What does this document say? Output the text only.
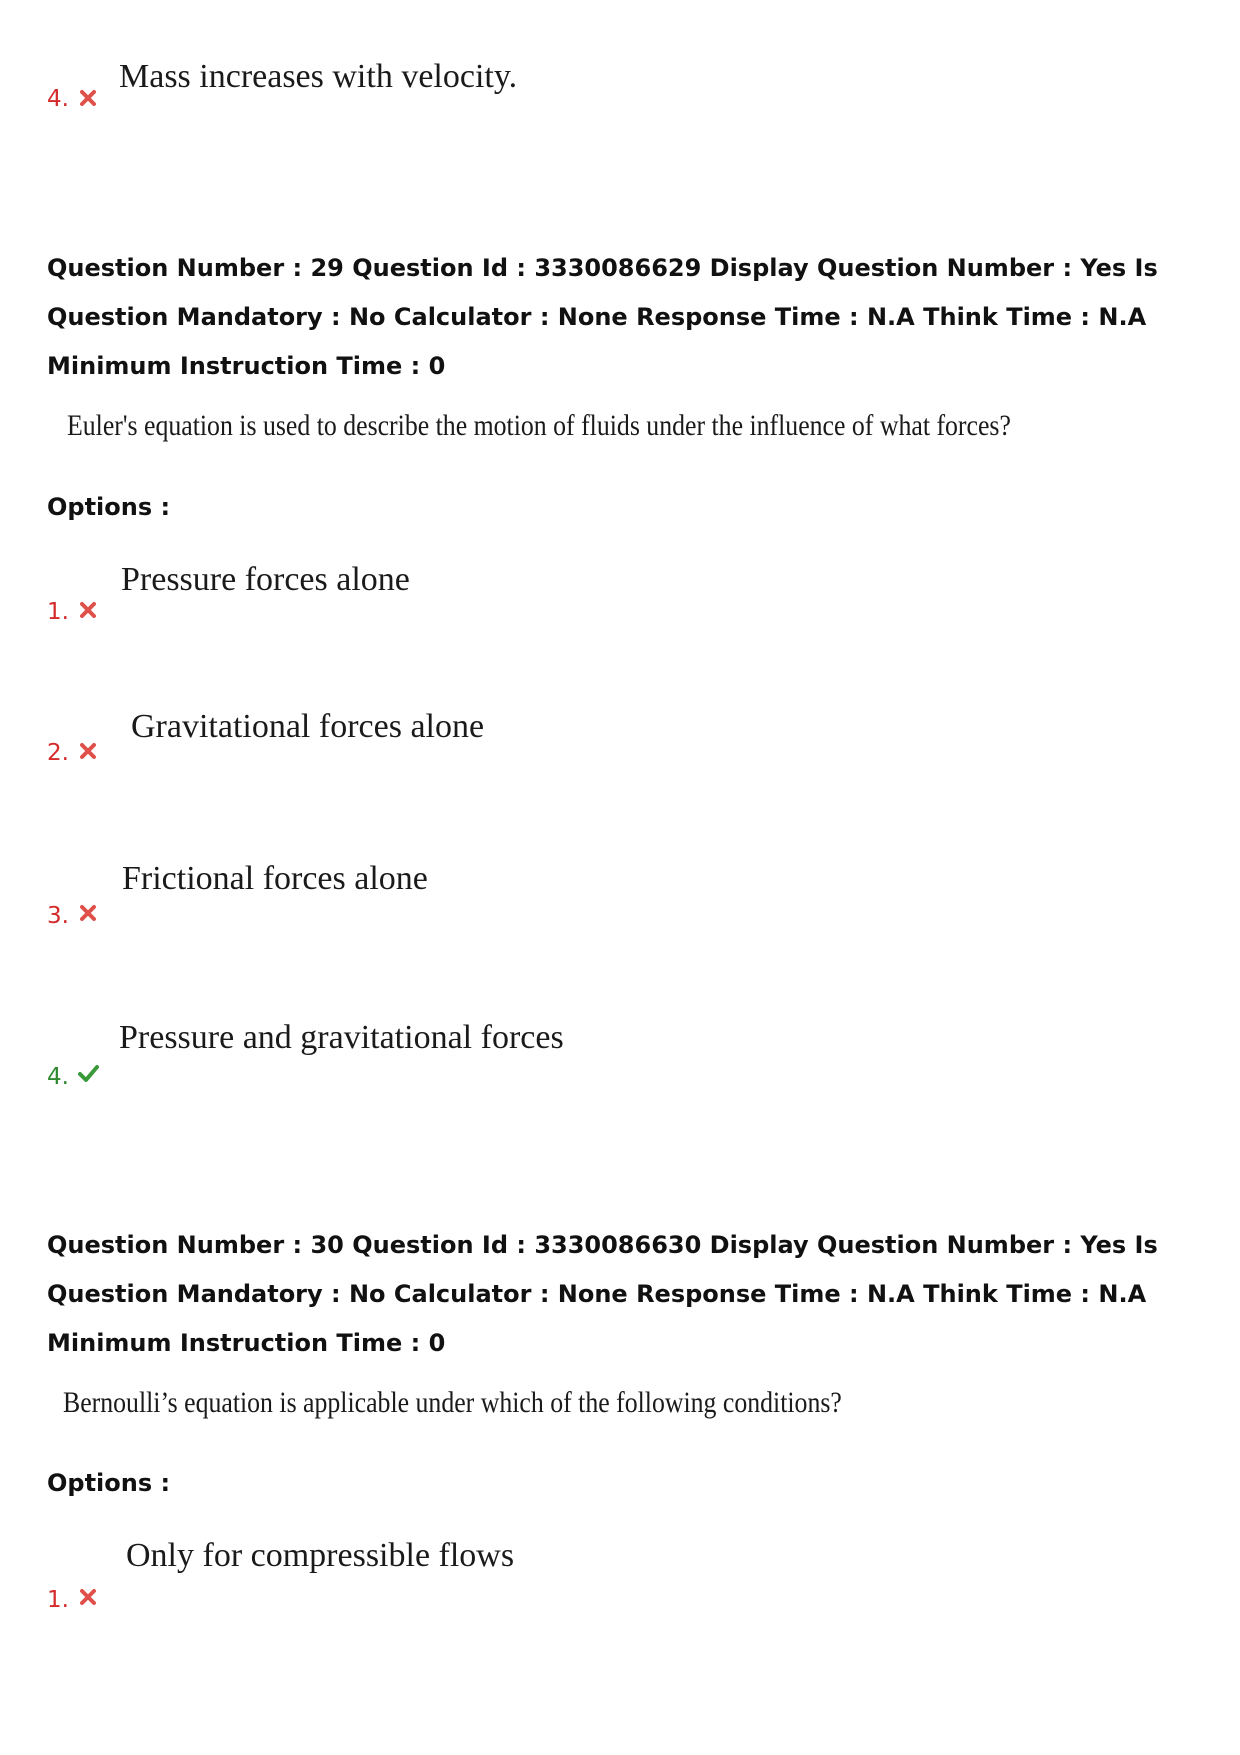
Mass increases with velocity.
4.
Question Number : 29 Question Id : 3330086629 Display Question Number : Yes Is Question Mandatory : No Calculator : None Response Time : N.A Think Time : N.A Minimum Instruction Time : 0
Euler's equation is used to describe the motion of fluids under the influence of what forces?
Options :
Pressure forces alone
1.
Gravitational forces alone
2.
Frictional forces alone
3.
Pressure and gravitational forces
4.
Question Number : 30 Question Id : 3330086630 Display Question Number : Yes Is Question Mandatory : No Calculator : None Response Time : N.A Think Time : N.A Minimum Instruction Time : 0
Bernoulli’s equation is applicable under which of the following conditions?
Options :
Only for compressible flows
1.
